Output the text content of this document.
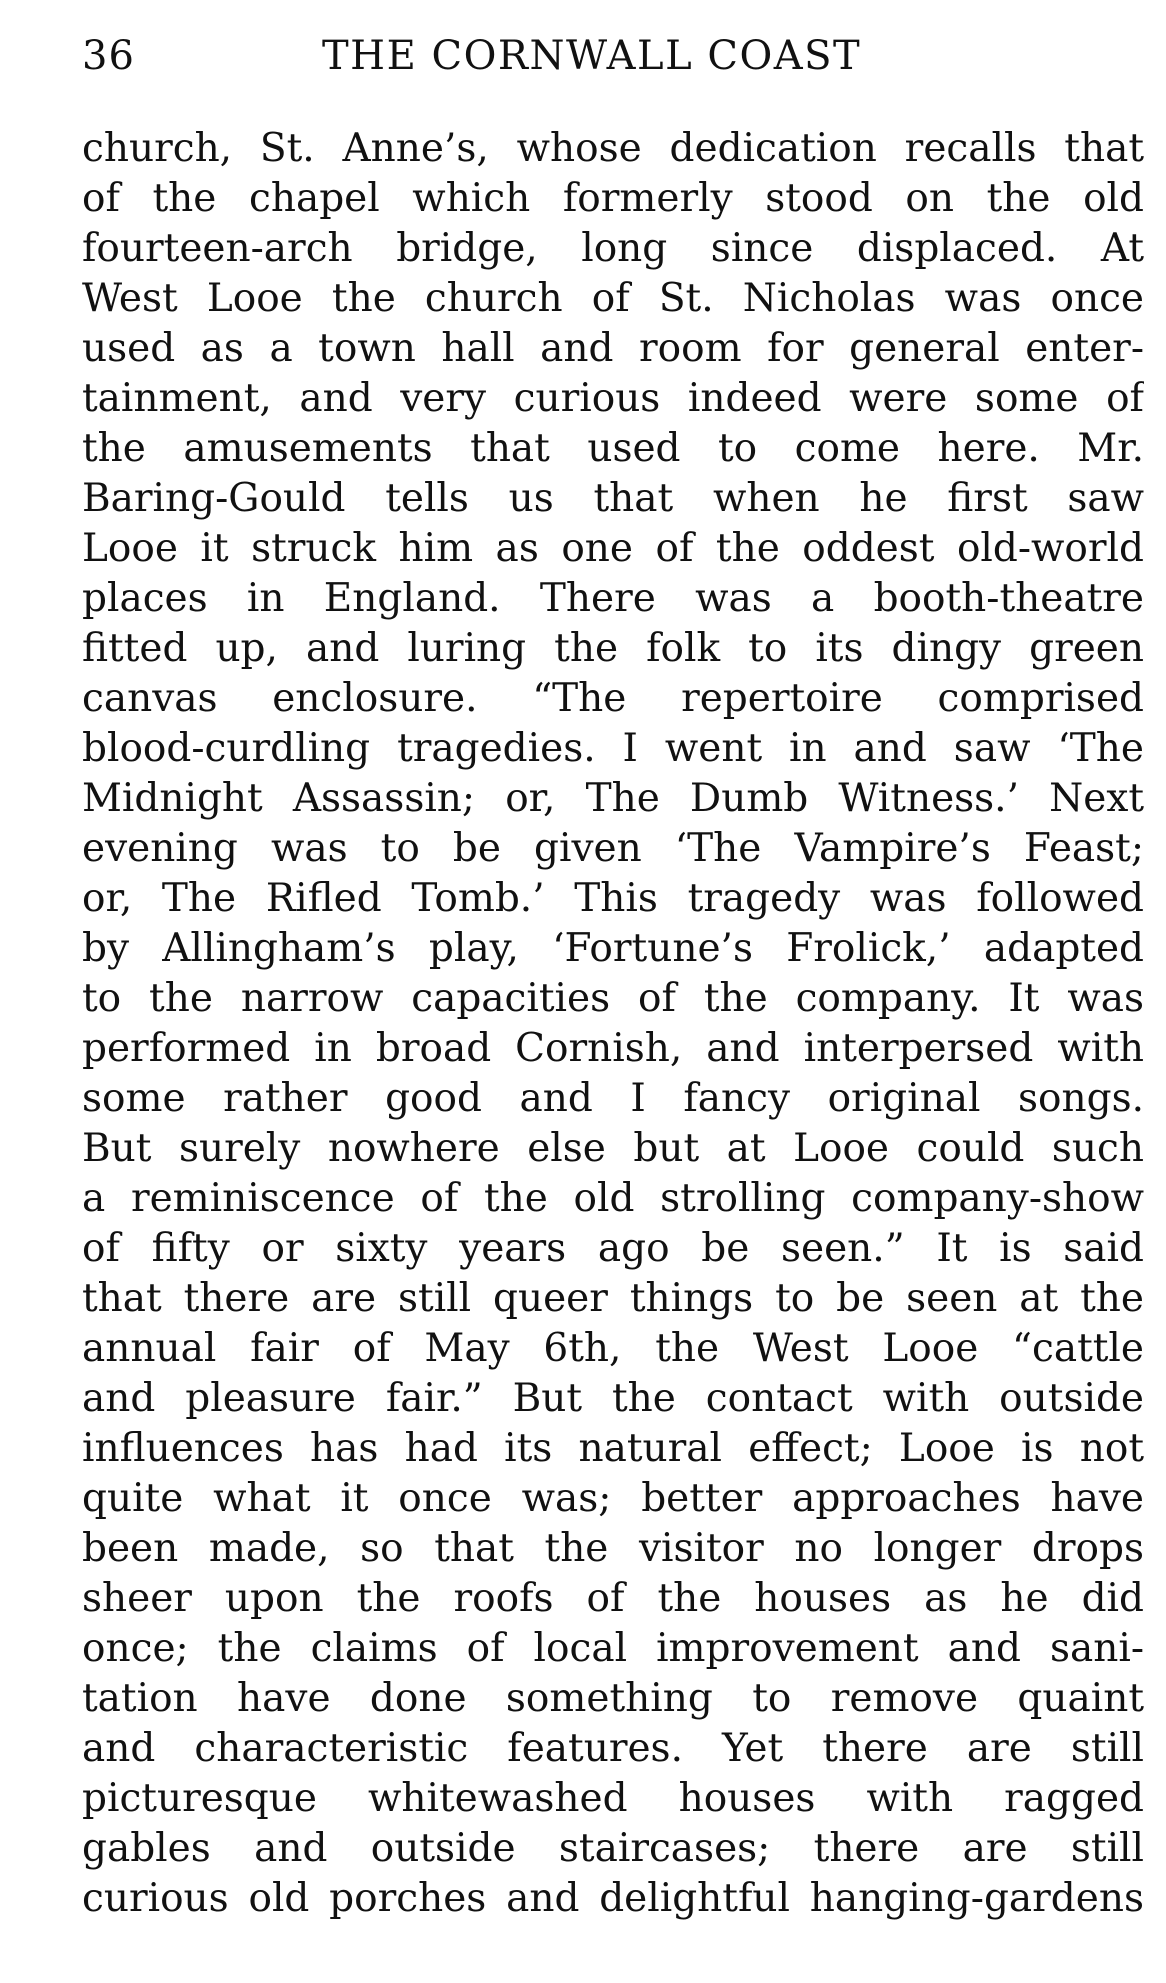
36	THE CORNWALL COAST
church, St. Anne’s, whose dedication recalls that
of the chapel which formerly stood on the old
fourteen-arch bridge, long since displaced. At
West Looe the church of St. Nicholas was once
used as a town hall and room for general enter-
tainment, and very curious indeed were some of
the amusements that used to come here. Mr.
Baring-Gould tells us that when he first saw
Looe it struck him as one of the oddest old-world
places in England. There was a booth-theatre
fitted up, and luring the folk to its dingy green
canvas enclosure. “The repertoire comprised
blood-curdling tragedies. I went in and saw ‘The
Midnight Assassin; or, The Dumb Witness.’ Next
evening was to be given ‘The Vampire’s Feast;
or, The Rifled Tomb.’ This tragedy was followed
by Allingham’s play, ‘Fortune’s Frolick,’ adapted
to the narrow capacities of the company. It was
performed in broad Cornish, and interpersed with
some rather good and I fancy original songs.
But surely nowhere else but at Looe could such
a reminiscence of the old strolling company-show
of fifty or sixty years ago be seen.” It is said
that there are still queer things to be seen at the
annual fair of May 6th, the West Looe “cattle
and pleasure fair.” But the contact with outside
influences has had its natural effect; Looe is not
quite what it once was; better approaches have
been made, so that the visitor no longer drops
sheer upon the roofs of the houses as he did
once; the claims of local improvement and sani-
tation have done something to remove quaint
and characteristic features. Yet there are still
picturesque whitewashed houses with ragged
gables and outside staircases; there are still
curious old porches and delightful hanging-gardens
